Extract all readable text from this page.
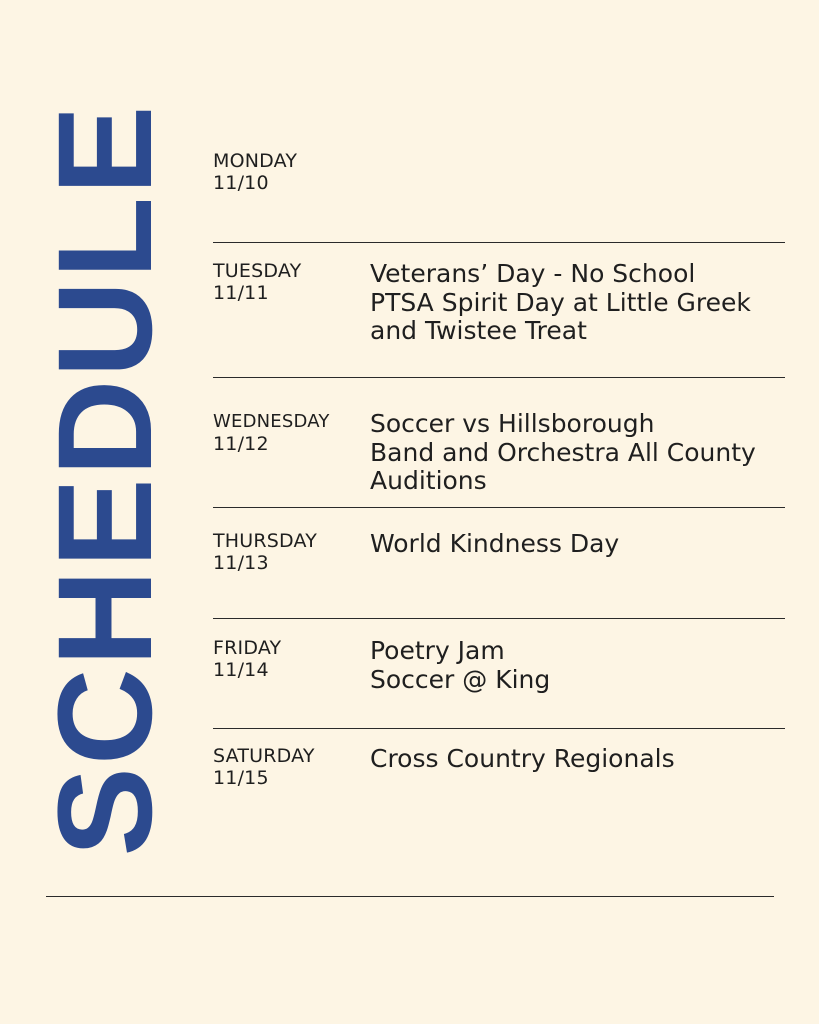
SCHEDULE MONDAY
11/10
TUESDAY
11/11
Veterans’ Day - No School
PTSA Spirit Day at Little Greek
and Twistee Treat
WEDNESDAY
11/12
Soccer vs Hillsborough
Band and Orchestra All County
Auditions
THURSDAY
11/13
World Kindness Day
FRIDAY
11/14
Poetry Jam
Soccer @ King
SATURDAY
11/15
Cross Country Regionals
